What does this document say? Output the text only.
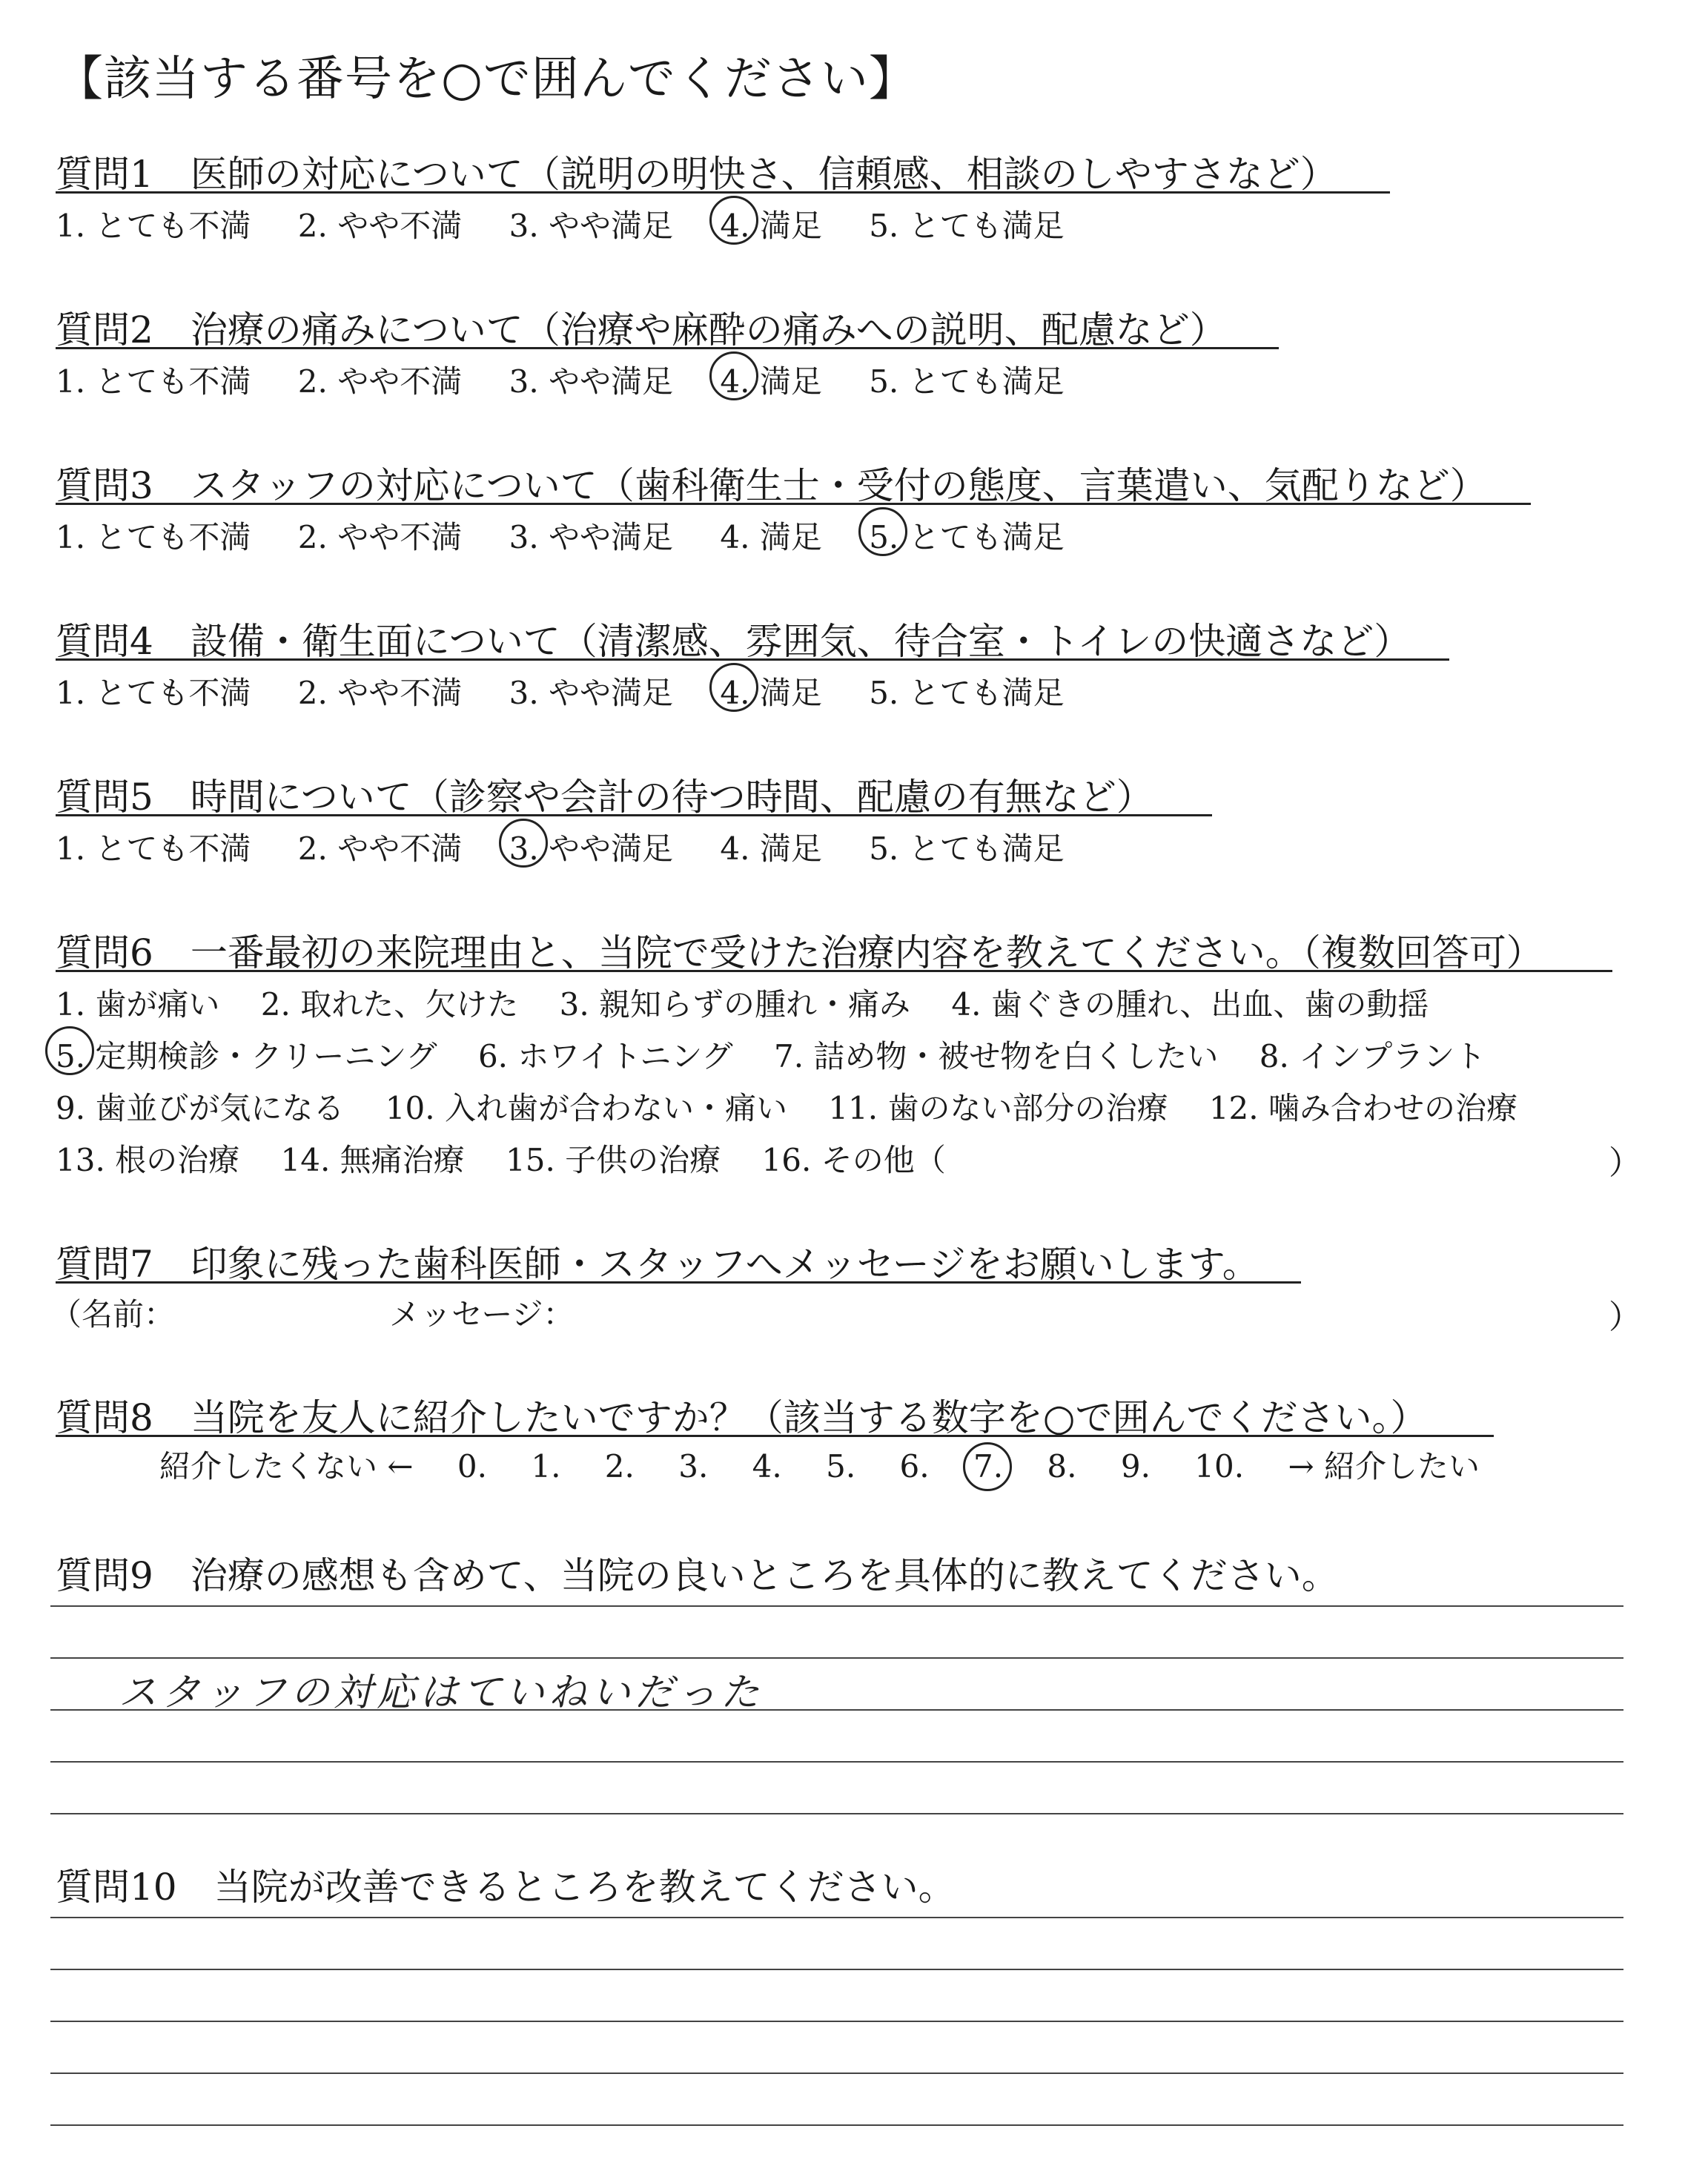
【該当する番号を○で囲んでください】
質問1　 医師の対応について（説明の明快さ、信頼感、相談のしやすさなど）
1. とても不満 2. やや不満 3. やや満足 4. 満足 5. とても満足
質問2　 治療の痛みについて（治療や麻酔の痛みへの説明、配慮など）
1. とても不満 2. やや不満 3. やや満足 4. 満足 5. とても満足
質問3　 スタッフの対応について（歯科衛生士・受付の態度、言葉遣い、気配りなど）
1. とても不満 2. やや不満 3. やや満足 4. 満足 5. とても満足
質問4　 設備・衛生面について（清潔感、雰囲気、待合室・トイレの快適さなど）
1. とても不満 2. やや不満 3. やや満足 4. 満足 5. とても満足
質問5　 時間について（診察や会計の待つ時間、配慮の有無など）
1. とても不満 2. やや不満 3. やや満足 4. 満足 5. とても満足
質問6　 一番最初の来院理由と、当院で受けた治療内容を教えてください。（複数回答可）
1. 歯が痛い 2. 取れた、欠けた 3. 親知らずの腫れ・痛み 4. 歯ぐきの腫れ、出血、歯の動揺
5. 定期検診・クリーニング 6. ホワイトニング 7. 詰め物・被せ物を白くしたい 8. インプラント
9. 歯並びが気になる 10. 入れ歯が合わない・痛い 11. 歯のない部分の治療 12. 噛み合わせの治療
13. 根の治療 14. 無痛治療 15. 子供の治療 16. その他（	）
質問7　 印象に残った歯科医師・スタッフへメッセージをお願いします。
（名前：	メッセージ：	）
質問8　 当院を友人に紹介したいですか？（該当する数字を○で囲んでください。）
紹介したくない ← 0. 1. 2. 3. 4. 5. 6. 7. 8. 9. 10. → 紹介したい
質問9　 治療の感想も含めて、当院の良いところを具体的に教えてください。
スタッフの対応はていねいだった
質問10　 当院が改善できるところを教えてください。
